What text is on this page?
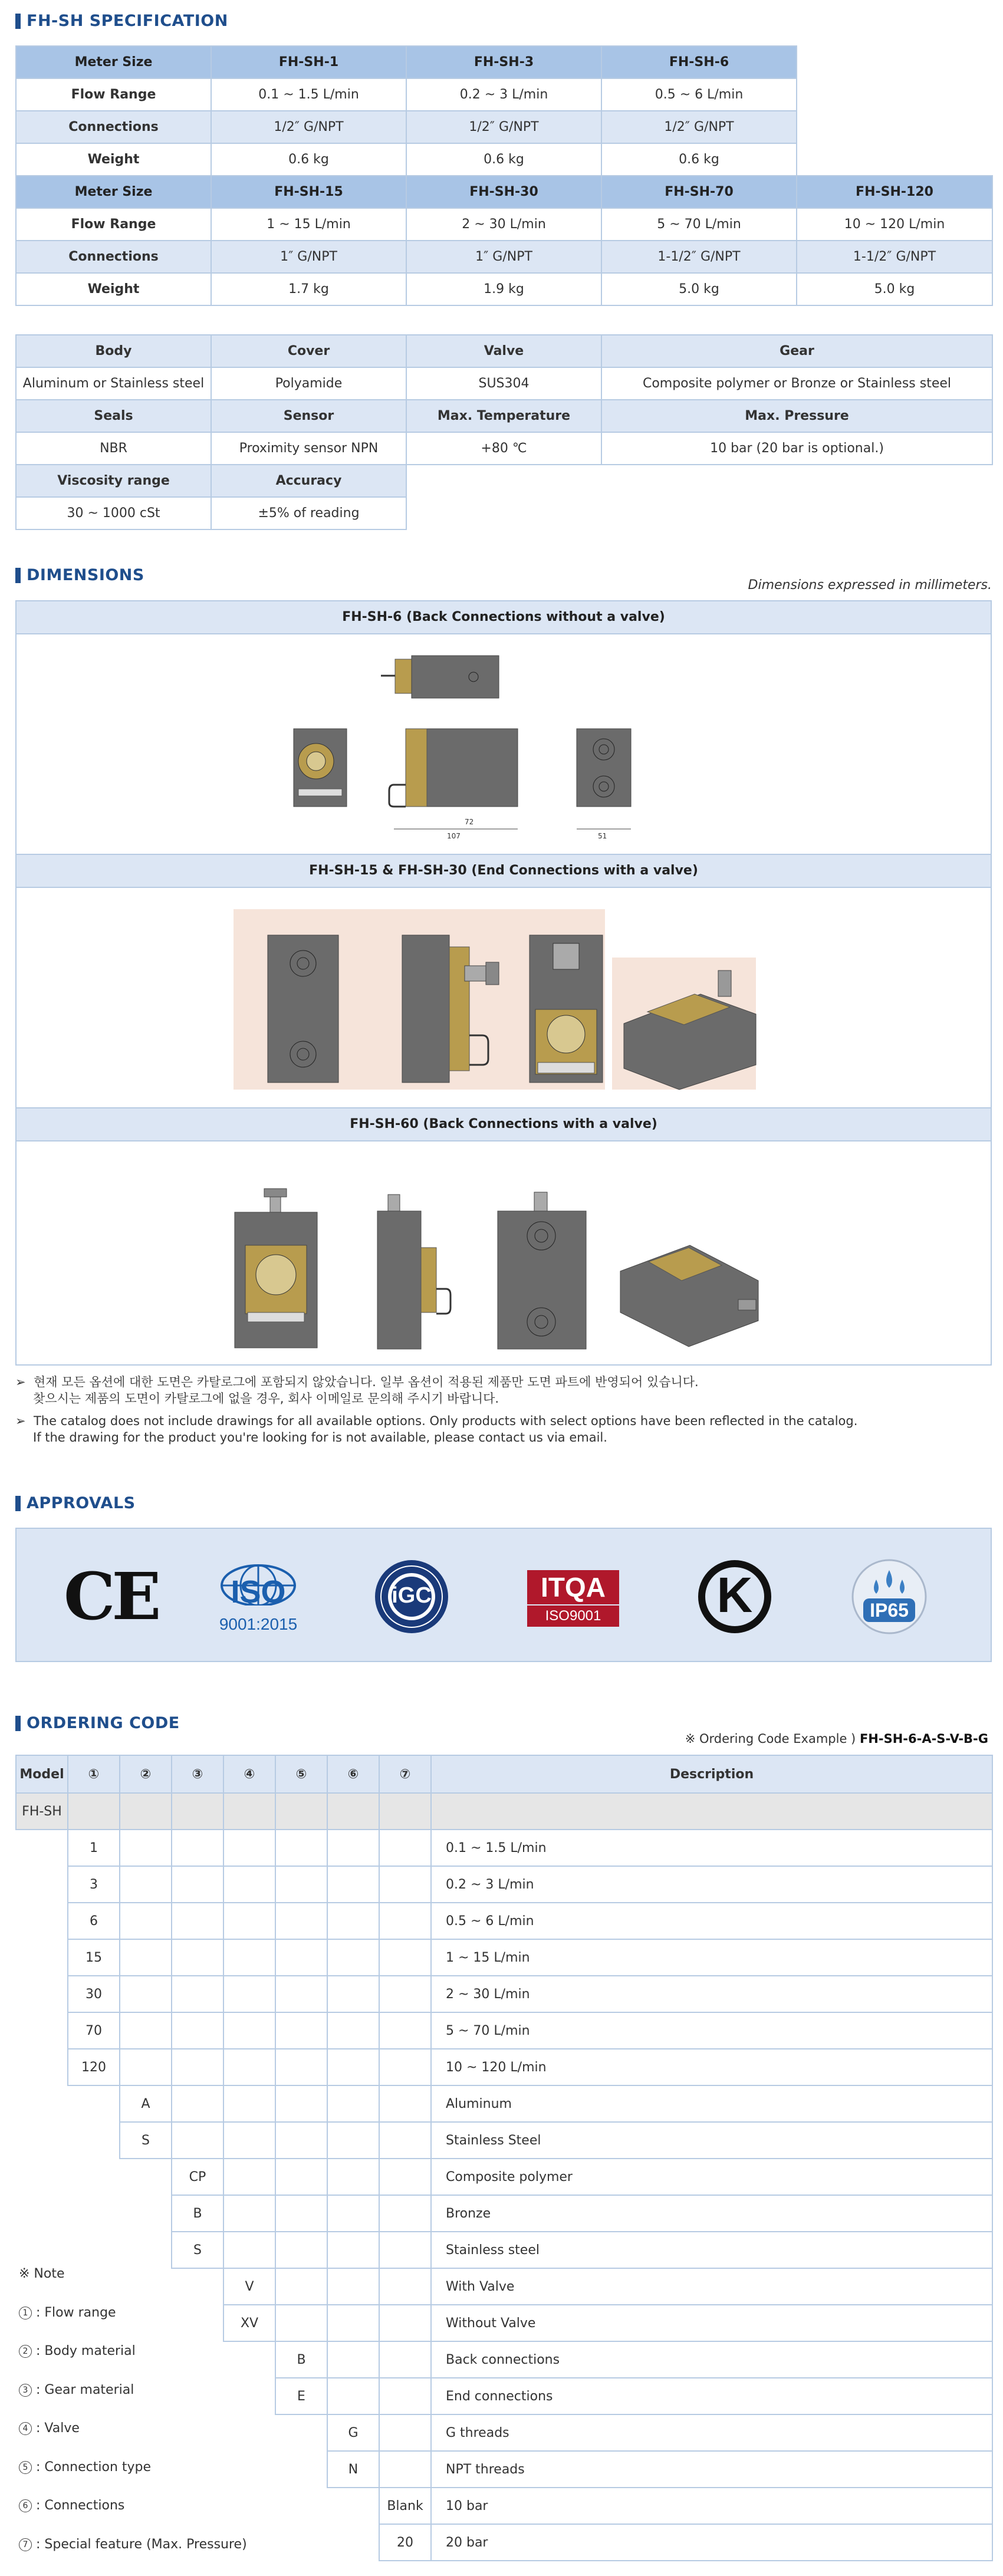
FH-SH SPECIFICATION
Meter Size	FH-SH-1	FH-SH-3	FH-SH-6	
Flow Range	0.1 ~ 1.5 L/min	0.2 ~ 3 L/min	0.5 ~ 6 L/min	
Connections	1/2″ G/NPT	1/2″ G/NPT	1/2″ G/NPT	
Weight	0.6 kg	0.6 kg	0.6 kg	
Meter Size	FH-SH-15	FH-SH-30	FH-SH-70	FH-SH-120
Flow Range	1 ~ 15 L/min	2 ~ 30 L/min	5 ~ 70 L/min	10 ~ 120 L/min
Connections	1″ G/NPT	1″ G/NPT	1-1/2″ G/NPT	1-1/2″ G/NPT
Weight	1.7 kg	1.9 kg	5.0 kg	5.0 kg
Body	Cover	Valve	Gear
Aluminum or Stainless steel	Polyamide	SUS304	Composite polymer or Bronze or Stainless steel
Seals	Sensor	Max. Temperature	Max. Pressure
NBR	Proximity sensor NPN	+80 ℃	10 bar (20 bar is optional.)
Viscosity range	Accuracy		
30 ~ 1000 cSt	±5% of reading		
DIMENSIONS
Dimensions expressed in millimeters.
FH-SH-6 (Back Connections without a valve)
107
72
51
FH-SH-15 & FH-SH-30 (End Connections with a valve)
FH-SH-60 (Back Connections with a valve)
➢  현재 모든 옵션에 대한 도면은 카탈로그에 포함되지 않았습니다. 일부 옵션이 적용된 제품만 도면 파트에 반영되어 있습니다.
찾으시는 제품의 도면이 카탈로그에 없을 경우, 회사 이메일로 문의해 주시기 바랍니다.
➢  The catalog does not include drawings for all available options. Only products with select options have been reflected in the catalog.
If the drawing for the product you're looking for is not available, please contact us via email.
APPROVALS
CE	ISO
9001:2015
iGC	ITQA
ISO9001	K	IP65
ORDERING CODE
※ Ordering Code Example ) FH-SH-6-A-S-V-B-G
Model	①	②	③	④	⑤	⑥	⑦	Description
FH-SH								
	1							0.1 ~ 1.5 L/min
	3							0.2 ~ 3 L/min
	6							0.5 ~ 6 L/min
	15							1 ~ 15 L/min
	30							2 ~ 30 L/min
	70							5 ~ 70 L/min
	120							10 ~ 120 L/min
		A						Aluminum
		S						Stainless Steel
			CP					Composite polymer
			B					Bronze
			S					Stainless steel
				V				With Valve
				XV				Without Valve
					B			Back connections
					E			End connections
						G		G threads
						N		NPT threads
							Blank	10 bar
							20	20 bar
※ Note
1 : Flow range
2 : Body material
3 : Gear material
4 : Valve
5 : Connection type
6 : Connections
7 : Special feature (Max. Pressure)
